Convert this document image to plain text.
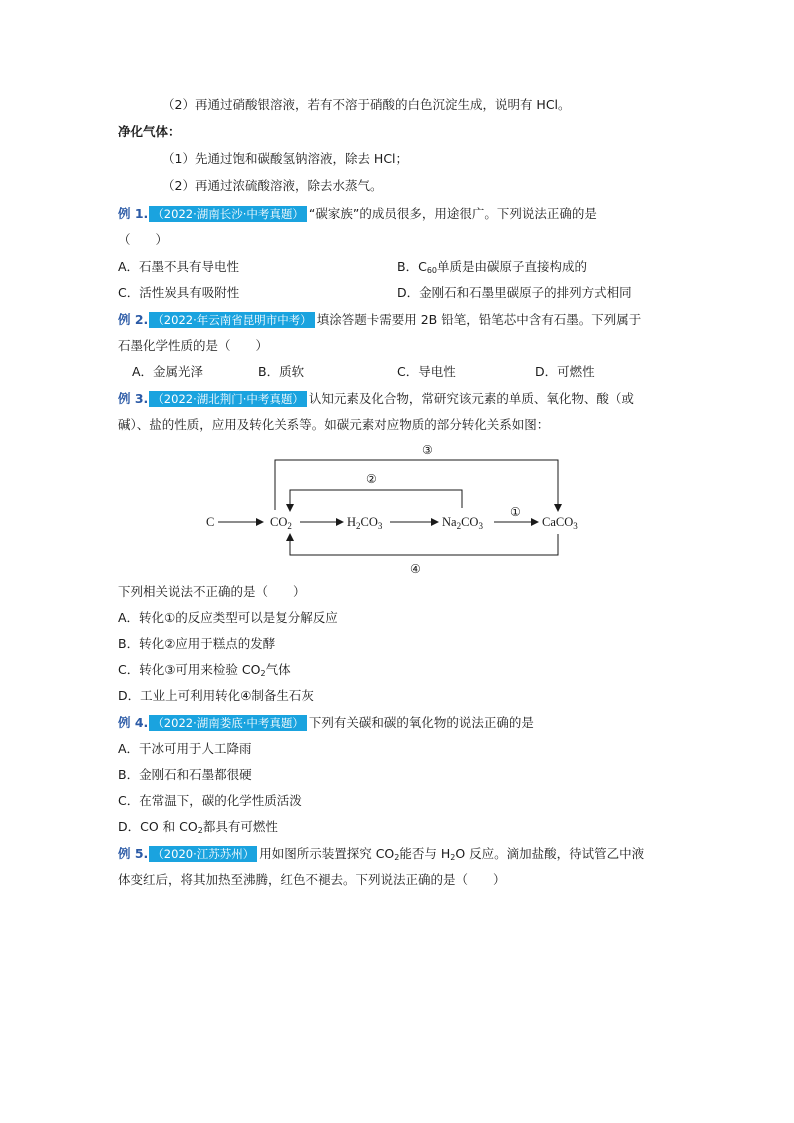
（2）再通过硝酸银溶液，若有不溶于硝酸的白色沉淀生成，说明有 HCl。
净化气体：
（1）先通过饱和碳酸氢钠溶液，除去 HCl；
（2）再通过浓硫酸溶液，除去水蒸气。
例 1. （2022·湖南长沙·中考真题） “碳家族”的成员很多，用途很广。下列说法正确的是
（　　）
A．石墨不具有导电性	B．$C_{60}$单质是由碳原子直接构成的
C．活性炭具有吸附性	D．金刚石和石墨里碳原子的排列方式相同
例 2. （2022·年云南省昆明市中考） 填涂答题卡需要用 2B 铅笔，铅笔芯中含有石墨。下列属于
石墨化学性质的是（　　）
A．金属光泽	B．质软	C．导电性	D．可燃性
例 3. （2022·湖北荆门·中考真题） 认知元素及化合物，常研究该元素的单质、氧化物、酸（或
碱）、盐的性质，应用及转化关系等。如碳元素对应物质的部分转化关系如图：
C	$CO_2$	$H_2CO_3$	$Na_2CO_3$	CaCO$_3$
①
②
③
④
下列相关说法不正确的是（　　）
A．转化①的反应类型可以是复分解反应
B．转化②应用于糕点的发酵
C．转化③可用来检验 $CO_2$气体
D．工业上可利用转化④制备生石灰
例 4. （2022·湖南娄底·中考真题） 下列有关碳和碳的氧化物的说法正确的是
A．干冰可用于人工降雨
B．金刚石和石墨都很硬
C．在常温下，碳的化学性质活泼
D．CO 和 $CO_2$都具有可燃性
例 5. （2020·江苏苏州） 用如图所示装置探究 $CO_2$能否与 $H_2O$ 反应。滴加盐酸，待试管乙中液
体变红后，将其加热至沸腾，红色不褪去。下列说法正确的是（　　）
